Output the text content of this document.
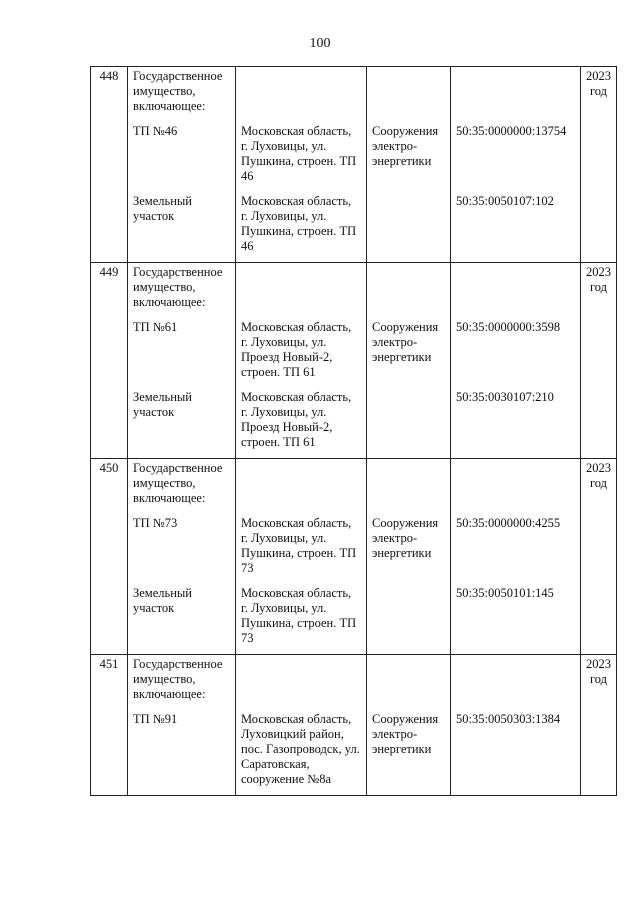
100
448	Государственное имущество, включающее:				2023 год

	ТП №46	Московская область, г. Луховицы, ул. Пушкина, строен. ТП 46	Сооружения электро-энергетики	50:35:0000000:13754	

	Земельный участок	Московская область, г. Луховицы, ул. Пушкина, строен. ТП 46		50:35:0050107:102	

449	Государственное имущество, включающее:				2023 год

	ТП №61	Московская область, г. Луховицы, ул. Проезд Новый-2, строен. ТП 61	Сооружения электро-энергетики	50:35:0000000:3598	

	Земельный участок	Московская область, г. Луховицы, ул. Проезд Новый-2, строен. ТП 61		50:35:0030107:210	

450	Государственное имущество, включающее:				2023 год

	ТП №73	Московская область, г. Луховицы, ул. Пушкина, строен. ТП 73	Сооружения электро-энергетики	50:35:0000000:4255	

	Земельный участок	Московская область, г. Луховицы, ул. Пушкина, строен. ТП 73		50:35:0050101:145	

451	Государственное имущество, включающее:				2023 год

	ТП №91	Московская область, Луховицкий район, пос. Газопроводск, ул. Саратовская, сооружение №8а	Сооружения электро-энергетики	50:35:0050303:1384	
